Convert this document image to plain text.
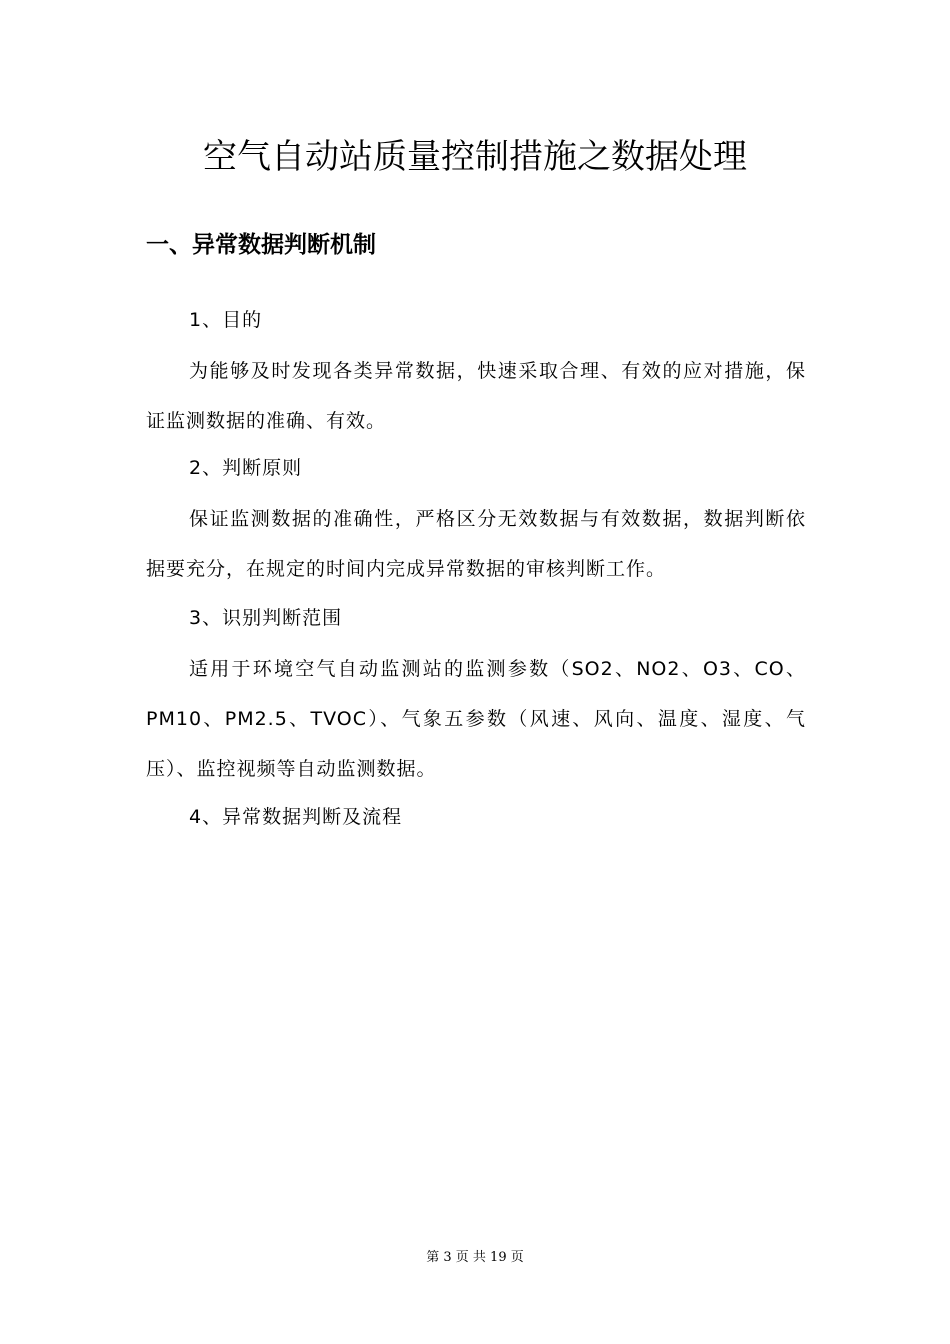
空气自动站质量控制措施之数据处理
一、异常数据判断机制
1、目的

为能够及时发现各类异常数据，快速采取合理、有效的应对措施，保证监测数据的准确、有效。

2、判断原则

保证监测数据的准确性，严格区分无效数据与有效数据，数据判断依据要充分，在规定的时间内完成异常数据的审核判断工作。

3、识别判断范围

适用于环境空气自动监测站的监测参数（SO2、NO2、O3、CO、PM10、PM2.5、TVOC）、气象五参数（风速、风向、温度、湿度、气压）、监控视频等自动监测数据。

4、异常数据判断及流程

第 3 页 共 19 页
